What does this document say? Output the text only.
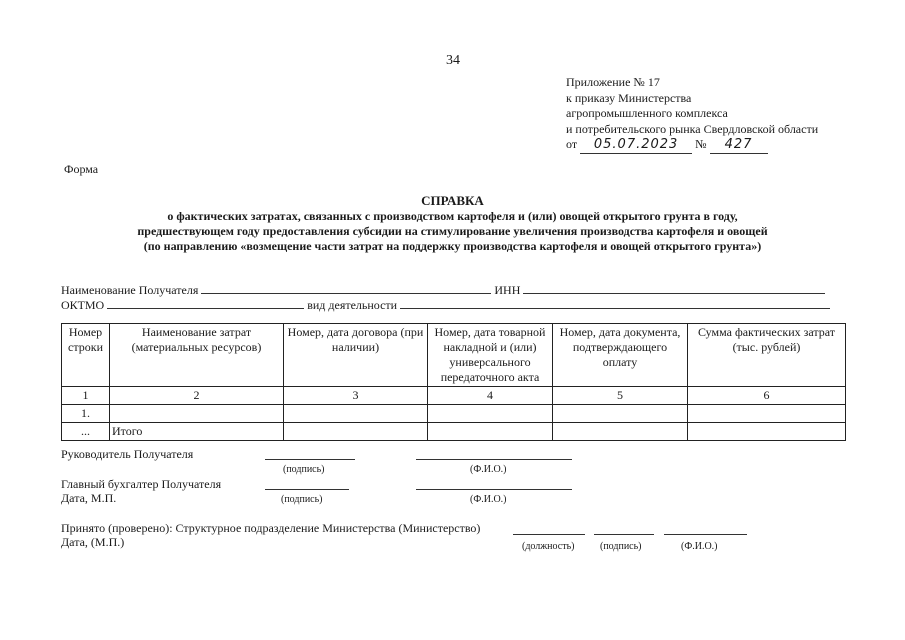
34
Приложение № 17
к приказу Министерства
агропромышленного комплекса
и потребительского рынка Свердловской области
от 05.07.2023 № 427
Форма
СПРАВКА
о фактических затратах, связанных с производством картофеля и (или) овощей открытого грунта в году,
предшествующем году предоставления субсидии на стимулирование увеличения производства картофеля и овощей
(по направлению «возмещение части затрат на поддержку производства картофеля и овощей открытого грунта»)
Наименование Получателя	ИНН
ОКТМО	вид деятельности
Номер строки	Наименование затрат (материальных ресурсов)	Номер, дата договора (при наличии)	Номер, дата товарной накладной и (или) универсального передаточного акта	Номер, дата документа, подтверждающего оплату	Сумма фактических затрат (тыс. рублей)
1	2	3	4	5	6
1.					
...	Итого				
Руководитель Получателя
(подпись)	(Ф.И.О.)
Главный бухгалтер Получателя
Дата, М.П.	(подпись)	(Ф.И.О.)
Принято (проверено): Структурное подразделение Министерства (Министерство)
Дата, (М.П.)	(должность)	(подпись)	(Ф.И.О.)
